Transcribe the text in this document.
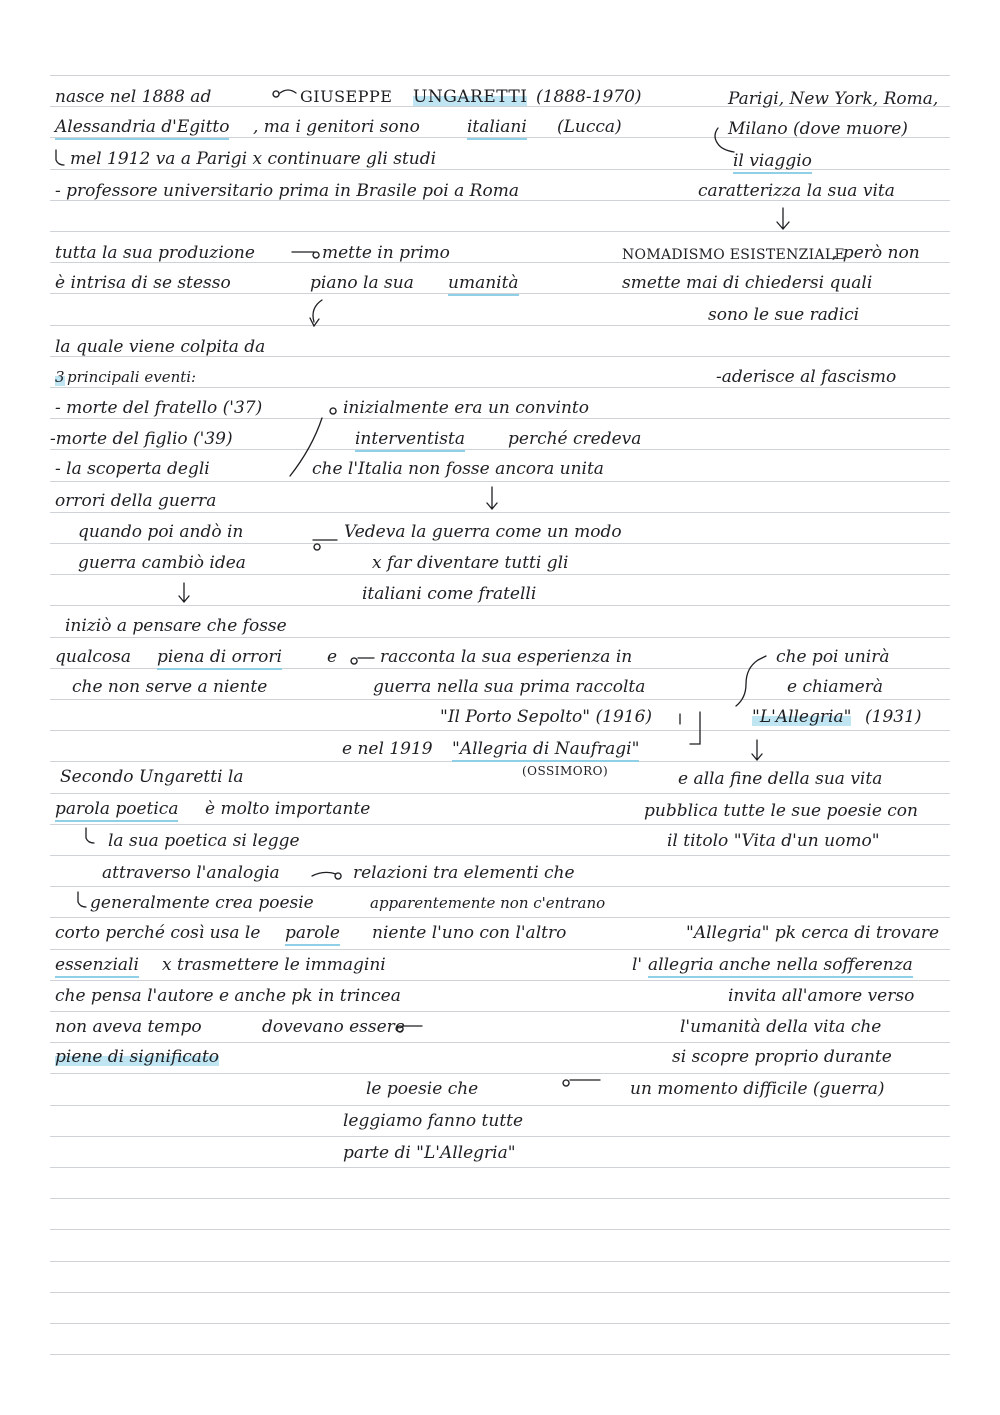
nasce nel 1888 ad	GIUSEPPE UNGARETTI (1888-1970)	Parigi, New York, Roma,
Alessandria d'Egitto , ma i genitori sono	italiani (Lucca)	Milano (dove muore)
mel 1912 va a Parigi x continuare gli studi	il viaggio
- professore universitario prima in Brasile poi a Roma	caratterizza la sua vita
tutta la sua produzione	mette in primo	NOMADISMO ESISTENZIALE
, però non
è intrisa di se stesso	piano la sua umanità	smette mai di chiedersi quali
sono le sue radici
la quale viene colpita da
3 principali eventi:	-aderisce al fascismo
- morte del fratello ('37)	inizialmente era un convinto
-morte del figlio ('39)	interventista	perché credeva
- la scoperta degli	che l'Italia non fosse ancora unita
orrori della guerra
quando poi andò in	Vedeva la guerra come un modo
guerra cambiò idea	x far diventare tutti gli
italiani come fratelli
iniziò a pensare che fosse
qualcosa piena di orrori	e	racconta la sua esperienza in	che poi unirà
che non serve a niente	guerra nella sua prima raccolta	e chiamerà
"Il Porto Sepolto" (1916)	"L'Allegria" (1931)
e nel 1919 "Allegria di Naufragi"
(OSSIMORO)
Secondo Ungaretti la	e alla fine della sua vita
parola poetica è molto importante	pubblica tutte le sue poesie con
la sua poetica si legge	il titolo "Vita d'un uomo"
attraverso l'analogia	relazioni tra elementi che
generalmente crea poesie	apparentemente non c'entrano
corto perché così usa le parole niente l'uno con l'altro	"Allegria" pk cerca di trovare
essenziali x trasmettere le immagini	l' allegria anche nella sofferenza
che pensa l'autore e anche pk in trincea	invita all'amore verso
non aveva tempo	dovevano essere	l'umanità della vita che
piene di significato	si scopre proprio durante
le poesie che	un momento difficile (guerra)
leggiamo fanno tutte
parte di "L'Allegria"
